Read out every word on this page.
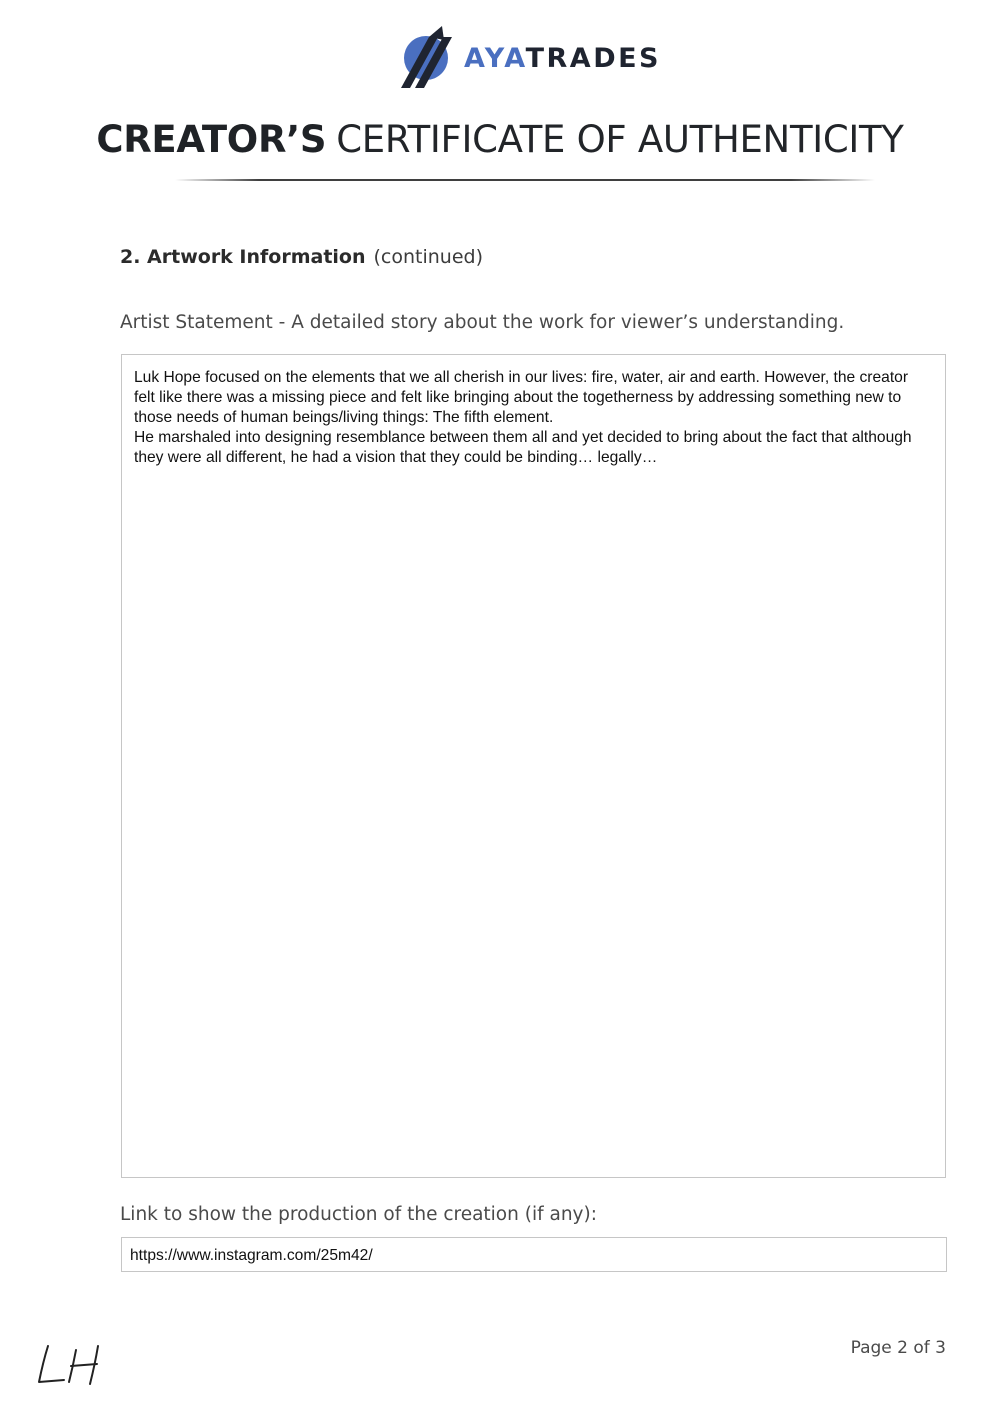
AYATRADES
CREATOR’S CERTIFICATE OF AUTHENTICITY
2. Artwork Information (continued)
Artist Statement - A detailed story about the work for viewer’s understanding.

Luk Hope focused on the elements that we all cherish in our lives: fire, water, air and earth. However, the creator felt like there was a missing piece and felt like bringing about the togetherness by addressing something new to those needs of human beings/living things: The fifth element.

He marshaled into designing resemblance between them all and yet decided to bring about the fact that although they were all different, he had a vision that they could be binding… legally…

Link to show the production of the creation (if any):
https://www.instagram.com/25m42/
Page 2 of 3
